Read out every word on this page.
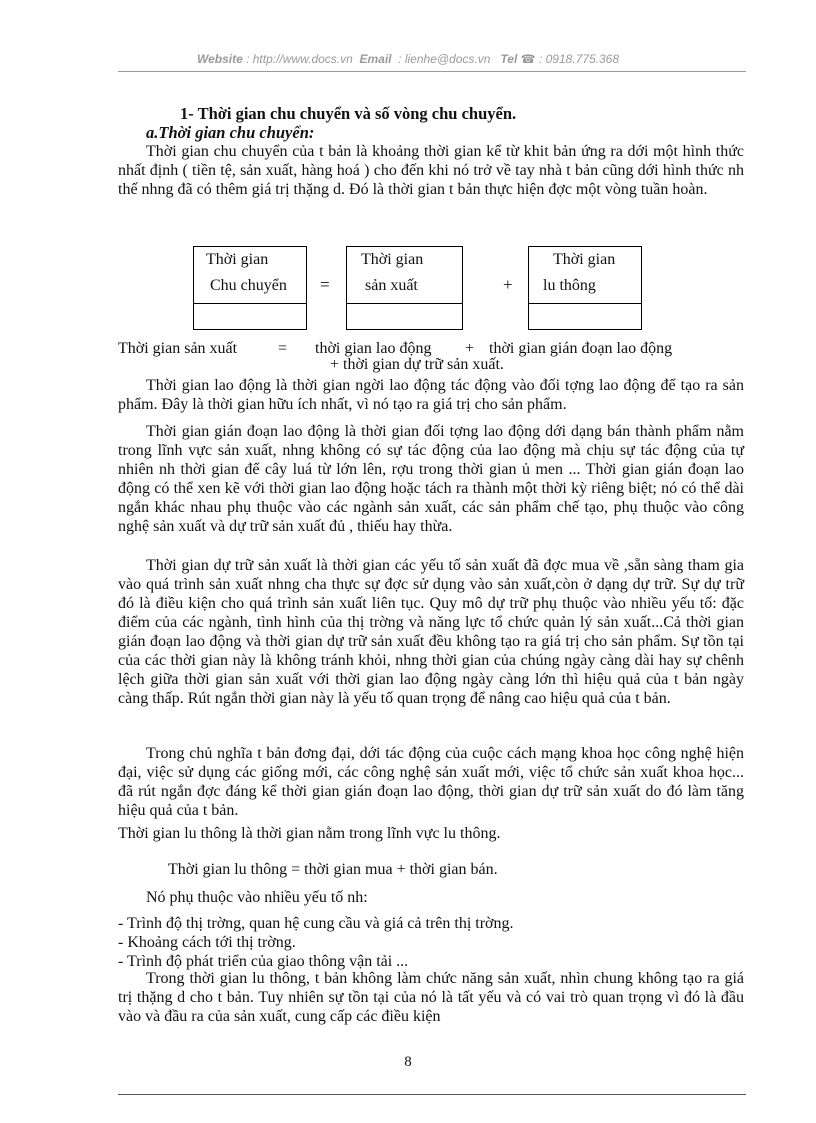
Website : http://www.docs.vn Email : lienhe@docs.vn Tel ☎ : 0918.775.368
1- Thời gian chu chuyển và số vòng chu chuyển.
a.Thời gian chu chuyển:
Thời gian chu chuyển của t bản là khoảng thời gian kể từ khit bản ứng ra dới một hình thức nhất định ( tiền tệ, sản xuất, hàng hoá ) cho đến khi nó trở về tay nhà t bản cũng dới hình thức nh thế nhng đã có thêm giá trị thặng d. Đó là thời gian t bản thực hiện đợc một vòng tuần hoàn.
Thời gian
Chu chuyển =
Thời gian
sản xuất	+
Thời gian
lu thông
Thời gian sản xuất	= thời gian lao động + thời gian gián đoạn lao động
+ thời gian dự trữ sản xuất.
Thời gian lao động là thời gian ngời lao động tác động vào đối tợng lao động để tạo ra sản phẩm. Đây là thời gian hữu ích nhất, vì nó tạo ra giá trị cho sản phẩm.
Thời gian gián đoạn lao động là thời gian đối tợng lao động dới dạng bán thành phẩm nằm trong lĩnh vực sản xuất, nhng không có sự tác động của lao động mà chịu sự tác động của tự nhiên nh thời gian để cây luá từ lớn lên, rợu trong thời gian ủ men ... Thời gian gián đoạn lao động có thể xen kẽ với thời gian lao động hoặc tách ra thành một thời kỳ riêng biệt; nó có thể dài ngắn khác nhau phụ thuộc vào các ngành sản xuất, các sản phẩm chế tạo, phụ thuộc vào công nghệ sản xuất và dự trữ sản xuất đủ , thiếu hay thừa.
Thời gian dự trữ sản xuất là thời gian các yếu tố sản xuất đã đợc mua về ,sẵn sàng tham gia vào quá trình sản xuất nhng cha thực sự đợc sử dụng vào sản xuất,còn ở dạng dự trữ. Sự dự trữ đó là điều kiện cho quá trình sản xuất liên tục. Quy mô dự trữ phụ thuộc vào nhiều yếu tố: đặc điểm của các ngành, tình hình của thị trờng và năng lực tổ chức quản lý sản xuất...Cả thời gian gián đoạn lao động và thời gian dự trữ sản xuất đều không tạo ra giá trị cho sản phẩm. Sự tồn tại của các thời gian này là không tránh khỏi, nhng thời gian của chúng ngày càng dài hay sự chênh lệch giữa thời gian sản xuất với thời gian lao động ngày càng lớn thì hiệu quả của t bản ngày càng thấp. Rút ngắn thời gian này là yếu tố quan trọng để nâng cao hiệu quả của t bản.
Trong chủ nghĩa t bản đơng đại, dới tác động của cuộc cách mạng khoa học công nghệ hiện đại, việc sử dụng các giống mới, các công nghệ sản xuất mới, việc tổ chức sản xuất khoa học... đã rút ngắn đợc đáng kể thời gian gián đoạn lao động, thời gian dự trữ sản xuất do đó làm tăng hiệu quả của t bản.
Thời gian lu thông là thời gian nằm trong lĩnh vực lu thông.
Thời gian lu thông = thời gian mua + thời gian bán.
Nó phụ thuộc vào nhiều yếu tố nh:
- Trình độ thị trờng, quan hệ cung cầu và giá cả trên thị trờng.
- Khoảng cách tới thị trờng.
- Trình độ phát triển của giao thông vận tải ...
Trong thời gian lu thông, t bản không làm chức năng sản xuất, nhìn chung không tạo ra giá trị thặng d cho t bản. Tuy nhiên sự tồn tại của nó là tất yếu và có vai trò quan trọng vì đó là đầu vào và đầu ra của sản xuất, cung cấp các điều kiện
8
